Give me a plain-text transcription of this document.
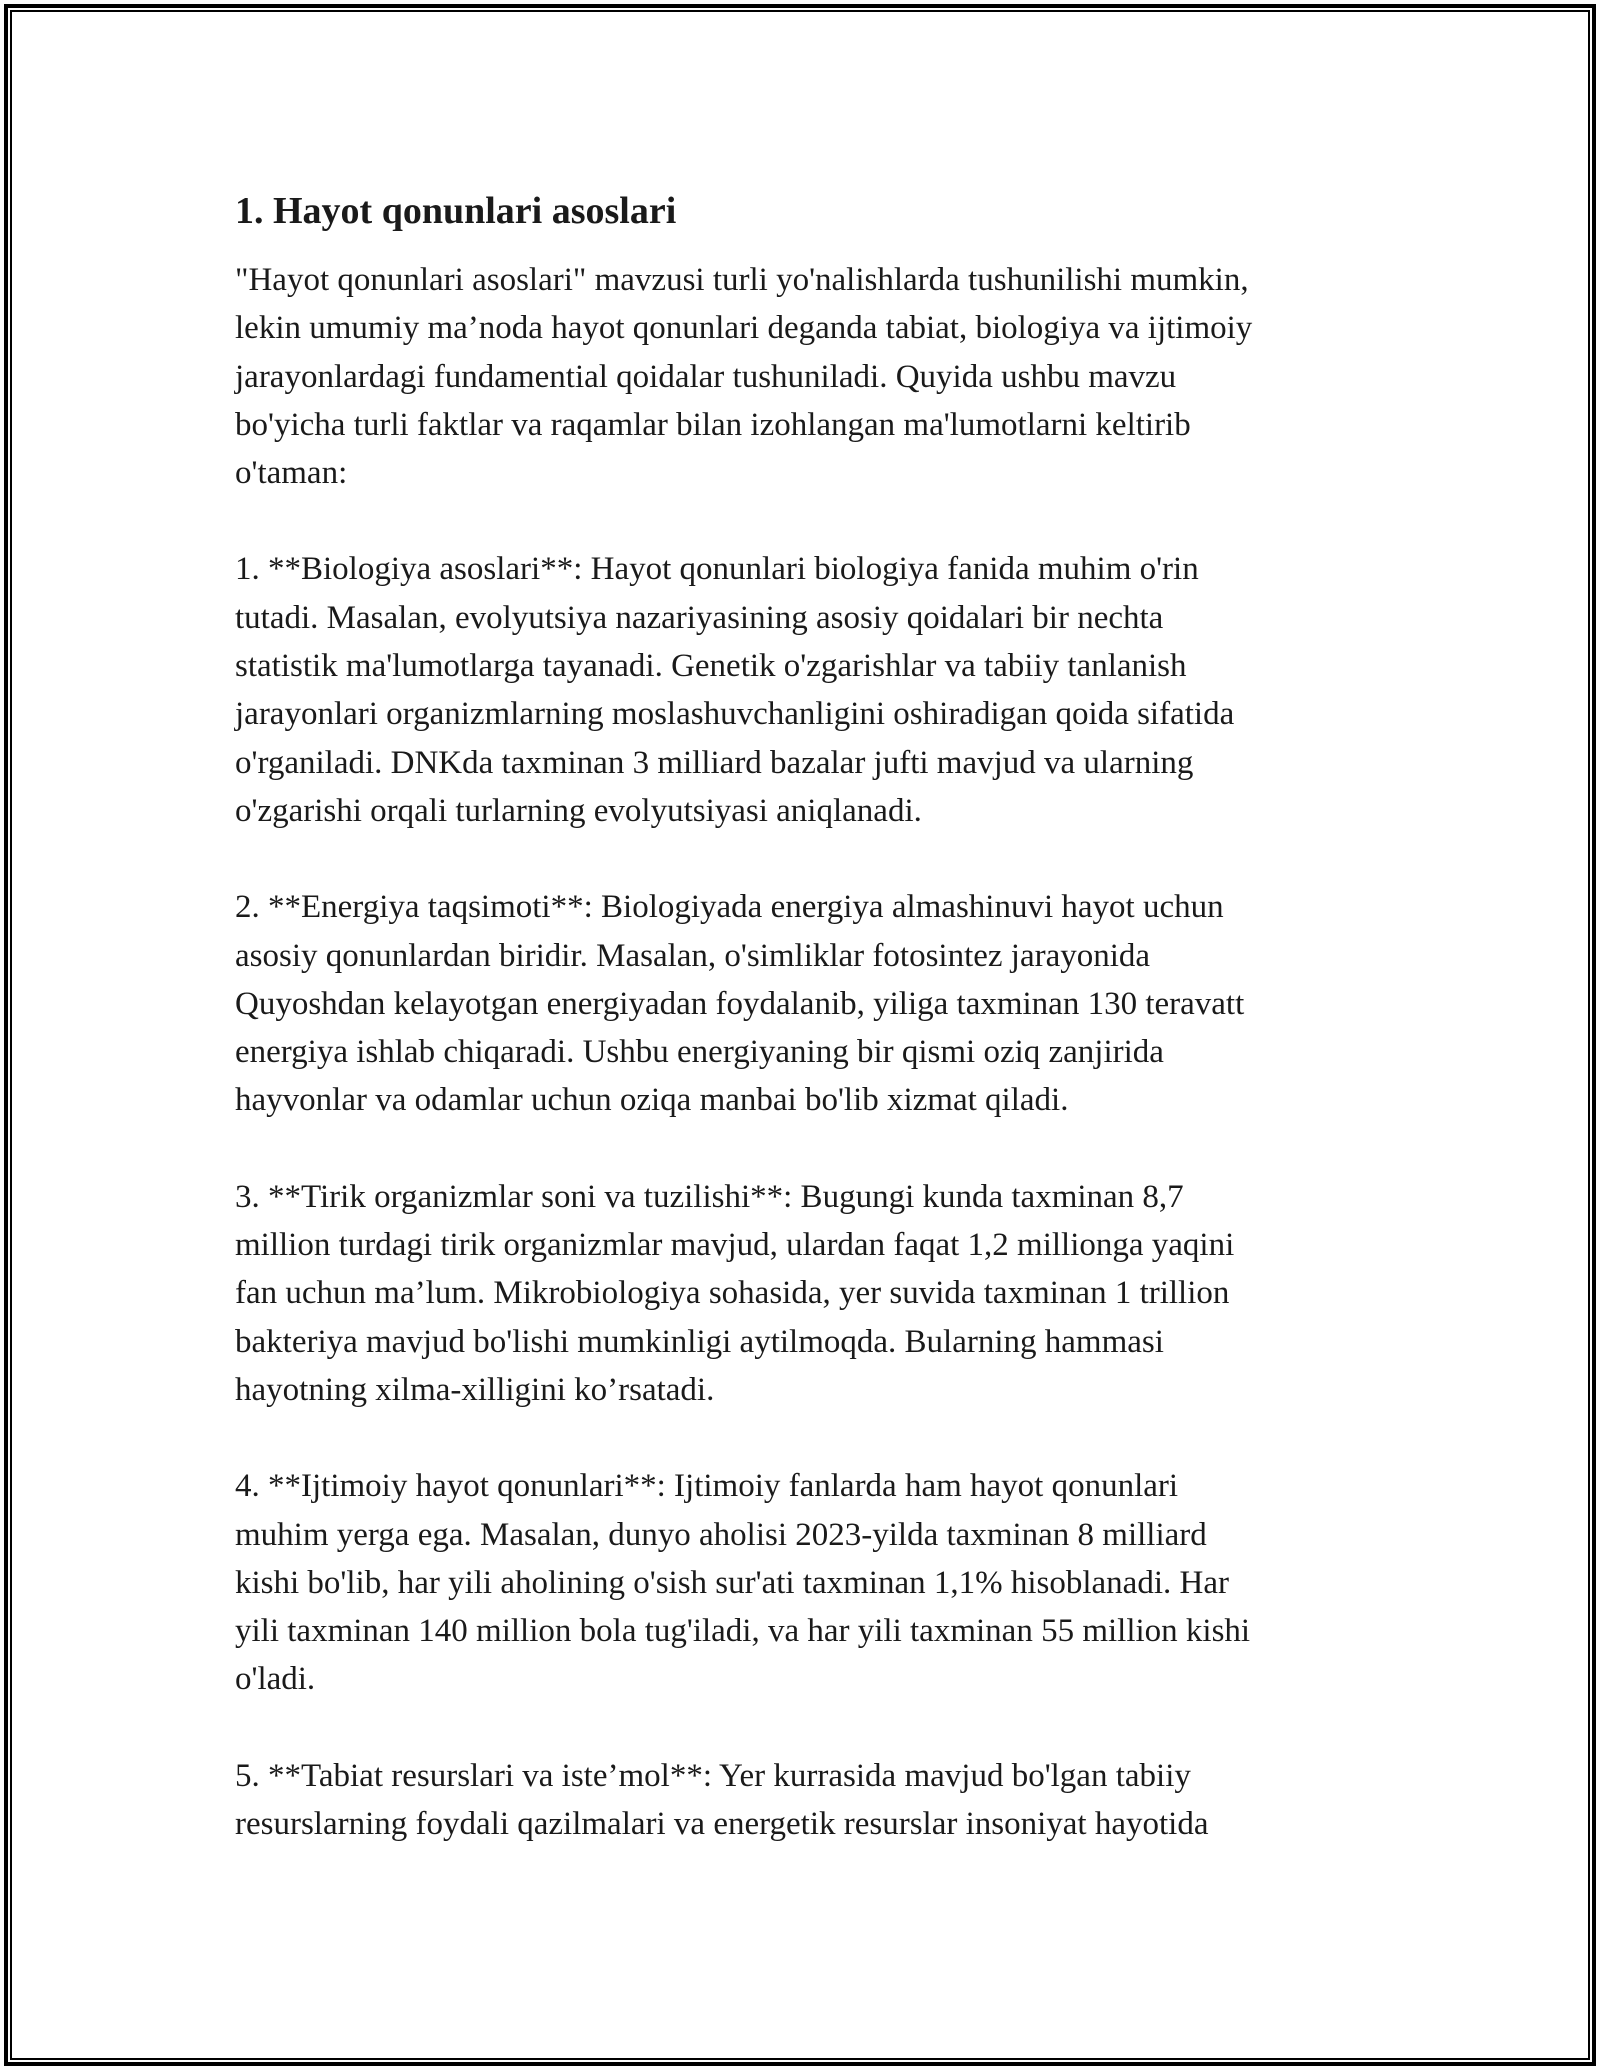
1. Hayot qonunlari asoslari

"Hayot qonunlari asoslari" mavzusi turli yo'nalishlarda tushunilishi mumkin,
lekin umumiy ma’noda hayot qonunlari deganda tabiat, biologiya va ijtimoiy
jarayonlardagi fundamential qoidalar tushuniladi. Quyida ushbu mavzu
bo'yicha turli faktlar va raqamlar bilan izohlangan ma'lumotlarni keltirib
o'taman:

1. **Biologiya asoslari**: Hayot qonunlari biologiya fanida muhim o'rin
tutadi. Masalan, evolyutsiya nazariyasining asosiy qoidalari bir nechta
statistik ma'lumotlarga tayanadi. Genetik o'zgarishlar va tabiiy tanlanish
jarayonlari organizmlarning moslashuvchanligini oshiradigan qoida sifatida
o'rganiladi. DNKda taxminan 3 milliard bazalar jufti mavjud va ularning
o'zgarishi orqali turlarning evolyutsiyasi aniqlanadi.

2. **Energiya taqsimoti**: Biologiyada energiya almashinuvi hayot uchun
asosiy qonunlardan biridir. Masalan, o'simliklar fotosintez jarayonida
Quyoshdan kelayotgan energiyadan foydalanib, yiliga taxminan 130 teravatt
energiya ishlab chiqaradi. Ushbu energiyaning bir qismi oziq zanjirida
hayvonlar va odamlar uchun oziqa manbai bo'lib xizmat qiladi.

3. **Tirik organizmlar soni va tuzilishi**: Bugungi kunda taxminan 8,7
million turdagi tirik organizmlar mavjud, ulardan faqat 1,2 millionga yaqini
fan uchun ma’lum. Mikrobiologiya sohasida, yer suvida taxminan 1 trillion
bakteriya mavjud bo'lishi mumkinligi aytilmoqda. Bularning hammasi
hayotning xilma-xilligini ko’rsatadi.

4. **Ijtimoiy hayot qonunlari**: Ijtimoiy fanlarda ham hayot qonunlari
muhim yerga ega. Masalan, dunyo aholisi 2023-yilda taxminan 8 milliard
kishi bo'lib, har yili aholining o'sish sur'ati taxminan 1,1% hisoblanadi. Har
yili taxminan 140 million bola tug'iladi, va har yili taxminan 55 million kishi
o'ladi.

5. **Tabiat resurslari va iste’mol**: Yer kurrasida mavjud bo'lgan tabiiy
resurslarning foydali qazilmalari va energetik resurslar insoniyat hayotida
